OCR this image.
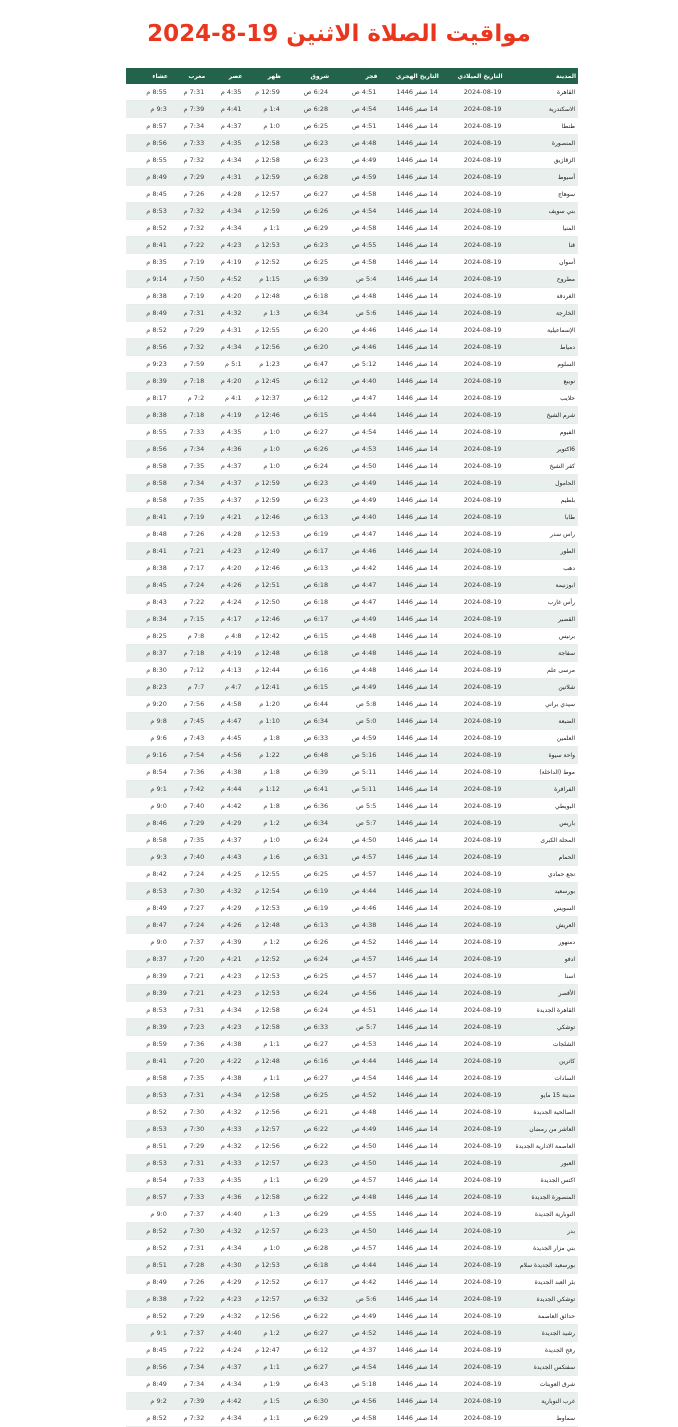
مواقيت الصلاة الاثنين 19-8-2024
المدينة	التاريخ الميلادي	التاريخ الهجري	فجر	شروق	ظهر	عصر	مغرب	عشاء
القاهرة	2024-08-19	14 صفر 1446	4:51 ص	6:24 ص	12:59 م	4:35 م	7:31 م	8:55 م
الاسكندرية	2024-08-19	14 صفر 1446	4:54 ص	6:28 ص	1:4 م	4:41 م	7:39 م	9:3 م
طنطا	2024-08-19	14 صفر 1446	4:51 ص	6:25 ص	1:0 م	4:37 م	7:34 م	8:57 م
المنصورة	2024-08-19	14 صفر 1446	4:48 ص	6:23 ص	12:58 م	4:35 م	7:33 م	8:56 م
الزقازيق	2024-08-19	14 صفر 1446	4:49 ص	6:23 ص	12:58 م	4:34 م	7:32 م	8:55 م
أسيوط	2024-08-19	14 صفر 1446	4:59 ص	6:28 ص	12:59 م	4:31 م	7:29 م	8:49 م
سوهاج	2024-08-19	14 صفر 1446	4:58 ص	6:27 ص	12:57 م	4:28 م	7:26 م	8:45 م
بني سويف	2024-08-19	14 صفر 1446	4:54 ص	6:26 ص	12:59 م	4:34 م	7:32 م	8:53 م
المنيا	2024-08-19	14 صفر 1446	4:58 ص	6:29 ص	1:1 م	4:34 م	7:32 م	8:52 م
قنا	2024-08-19	14 صفر 1446	4:55 ص	6:23 ص	12:53 م	4:23 م	7:22 م	8:41 م
أسوان	2024-08-19	14 صفر 1446	4:58 ص	6:25 ص	12:52 م	4:19 م	7:19 م	8:35 م
مطروح	2024-08-19	14 صفر 1446	5:4 ص	6:39 ص	1:15 م	4:52 م	7:50 م	9:14 م
الغردقة	2024-08-19	14 صفر 1446	4:48 ص	6:18 ص	12:48 م	4:20 م	7:19 م	8:38 م
الخارجة	2024-08-19	14 صفر 1446	5:6 ص	6:34 ص	1:3 م	4:32 م	7:31 م	8:49 م
الإسماعيلية	2024-08-19	14 صفر 1446	4:46 ص	6:20 ص	12:55 م	4:31 م	7:29 م	8:52 م
دمياط	2024-08-19	14 صفر 1446	4:46 ص	6:20 ص	12:56 م	4:34 م	7:32 م	8:56 م
السلوم	2024-08-19	14 صفر 1446	5:12 ص	6:47 ص	1:23 م	5:1 م	7:59 م	9:23 م
نويبع	2024-08-19	14 صفر 1446	4:40 ص	6:12 ص	12:45 م	4:20 م	7:18 م	8:39 م
حلايب	2024-08-19	14 صفر 1446	4:47 ص	6:12 ص	12:37 م	4:1 م	7:2 م	8:17 م
شرم الشيخ	2024-08-19	14 صفر 1446	4:44 ص	6:15 ص	12:46 م	4:19 م	7:18 م	8:38 م
الفيوم	2024-08-19	14 صفر 1446	4:54 ص	6:27 ص	1:0 م	4:35 م	7:33 م	8:55 م
6اكتوبر	2024-08-19	14 صفر 1446	4:53 ص	6:26 ص	1:0 م	4:36 م	7:34 م	8:56 م
كفر الشيخ	2024-08-19	14 صفر 1446	4:50 ص	6:24 ص	1:0 م	4:37 م	7:35 م	8:58 م
الحامول	2024-08-19	14 صفر 1446	4:49 ص	6:23 ص	12:59 م	4:37 م	7:34 م	8:58 م
بلطيم	2024-08-19	14 صفر 1446	4:49 ص	6:23 ص	12:59 م	4:37 م	7:35 م	8:58 م
طابا	2024-08-19	14 صفر 1446	4:40 ص	6:13 ص	12:46 م	4:21 م	7:19 م	8:41 م
راس سدر	2024-08-19	14 صفر 1446	4:47 ص	6:19 ص	12:53 م	4:28 م	7:26 م	8:48 م
الطور	2024-08-19	14 صفر 1446	4:46 ص	6:17 ص	12:49 م	4:23 م	7:21 م	8:41 م
دهب	2024-08-19	14 صفر 1446	4:42 ص	6:13 ص	12:46 م	4:20 م	7:17 م	8:38 م
ابوزنيمة	2024-08-19	14 صفر 1446	4:47 ص	6:18 ص	12:51 م	4:26 م	7:24 م	8:45 م
رأس غارب	2024-08-19	14 صفر 1446	4:47 ص	6:18 ص	12:50 م	4:24 م	7:22 م	8:43 م
القصير	2024-08-19	14 صفر 1446	4:49 ص	6:17 ص	12:46 م	4:17 م	7:15 م	8:34 م
برنيس	2024-08-19	14 صفر 1446	4:48 ص	6:15 ص	12:42 م	4:8 م	7:8 م	8:25 م
سفاجة	2024-08-19	14 صفر 1446	4:48 ص	6:18 ص	12:48 م	4:19 م	7:18 م	8:37 م
مرسى علم	2024-08-19	14 صفر 1446	4:48 ص	6:16 ص	12:44 م	4:13 م	7:12 م	8:30 م
شلاتين	2024-08-19	14 صفر 1446	4:49 ص	6:15 ص	12:41 م	4:7 م	7:7 م	8:23 م
سيدي براني	2024-08-19	14 صفر 1446	5:8 ص	6:44 ص	1:20 م	4:58 م	7:56 م	9:20 م
الضبعة	2024-08-19	14 صفر 1446	5:0 ص	6:34 ص	1:10 م	4:47 م	7:45 م	9:8 م
العلمين	2024-08-19	14 صفر 1446	4:59 ص	6:33 ص	1:8 م	4:45 م	7:43 م	9:6 م
واحة سيوة	2024-08-19	14 صفر 1446	5:16 ص	6:48 ص	1:22 م	4:56 م	7:54 م	9:16 م
موط (الداخلة)	2024-08-19	14 صفر 1446	5:11 ص	6:39 ص	1:8 م	4:38 م	7:36 م	8:54 م
الفرافرة	2024-08-19	14 صفر 1446	5:11 ص	6:41 ص	1:12 م	4:44 م	7:42 م	9:1 م
البويطي	2024-08-19	14 صفر 1446	5:5 ص	6:36 ص	1:8 م	4:42 م	7:40 م	9:0 م
باريس	2024-08-19	14 صفر 1446	5:7 ص	6:34 ص	1:2 م	4:29 م	7:29 م	8:46 م
المحلة الكبرى	2024-08-19	14 صفر 1446	4:50 ص	6:24 ص	1:0 م	4:37 م	7:35 م	8:58 م
الحمام	2024-08-19	14 صفر 1446	4:57 ص	6:31 ص	1:6 م	4:43 م	7:40 م	9:3 م
نجع حمادي	2024-08-19	14 صفر 1446	4:57 ص	6:25 ص	12:55 م	4:25 م	7:24 م	8:42 م
بورسعيد	2024-08-19	14 صفر 1446	4:44 ص	6:19 ص	12:54 م	4:32 م	7:30 م	8:53 م
السويس	2024-08-19	14 صفر 1446	4:46 ص	6:19 ص	12:53 م	4:29 م	7:27 م	8:49 م
العريش	2024-08-19	14 صفر 1446	4:38 ص	6:13 ص	12:48 م	4:26 م	7:24 م	8:47 م
دمنهور	2024-08-19	14 صفر 1446	4:52 ص	6:26 ص	1:2 م	4:39 م	7:37 م	9:0 م
ادفو	2024-08-19	14 صفر 1446	4:57 ص	6:24 ص	12:52 م	4:21 م	7:20 م	8:37 م
اسنا	2024-08-19	14 صفر 1446	4:57 ص	6:25 ص	12:53 م	4:23 م	7:21 م	8:39 م
الأقصر	2024-08-19	14 صفر 1446	4:56 ص	6:24 ص	12:53 م	4:23 م	7:21 م	8:39 م
القاهرة الجديدة	2024-08-19	14 صفر 1446	4:51 ص	6:24 ص	12:58 م	4:34 م	7:31 م	8:53 م
توشكي	2024-08-19	14 صفر 1446	5:7 ص	6:33 ص	12:58 م	4:23 م	7:23 م	8:39 م
الشلجات	2024-08-19	14 صفر 1446	4:53 ص	6:27 ص	1:1 م	4:38 م	7:36 م	8:59 م
كاترين	2024-08-19	14 صفر 1446	4:44 ص	6:16 ص	12:48 م	4:22 م	7:20 م	8:41 م
السادات	2024-08-19	14 صفر 1446	4:54 ص	6:27 ص	1:1 م	4:38 م	7:35 م	8:58 م
مدينة 15 مايو	2024-08-19	14 صفر 1446	4:52 ص	6:25 ص	12:58 م	4:34 م	7:31 م	8:53 م
الصالحية الجديدة	2024-08-19	14 صفر 1446	4:48 ص	6:21 ص	12:56 م	4:32 م	7:30 م	8:52 م
العاشر من رمضان	2024-08-19	14 صفر 1446	4:49 ص	6:22 ص	12:57 م	4:33 م	7:30 م	8:53 م
العاصمة الادارية الجديدة	2024-08-19	14 صفر 1446	4:50 ص	6:22 ص	12:56 م	4:32 م	7:29 م	8:51 م
العبور	2024-08-19	14 صفر 1446	4:50 ص	6:23 ص	12:57 م	4:33 م	7:31 م	8:53 م
اكتس الجديدة	2024-08-19	14 صفر 1446	4:57 ص	6:29 ص	1:1 م	4:35 م	7:33 م	8:54 م
المنصورة الجديدة	2024-08-19	14 صفر 1446	4:48 ص	6:22 ص	12:58 م	4:36 م	7:33 م	8:57 م
النوبارية الجديدة	2024-08-19	14 صفر 1446	4:55 ص	6:29 ص	1:3 م	4:40 م	7:37 م	9:0 م
بدر	2024-08-19	14 صفر 1446	4:50 ص	6:23 ص	12:57 م	4:32 م	7:30 م	8:52 م
بني مزار الجديدة	2024-08-19	14 صفر 1446	4:57 ص	6:28 ص	1:0 م	4:34 م	7:31 م	8:52 م
بورسعيد الجديدة سلام	2024-08-19	14 صفر 1446	4:44 ص	6:18 ص	12:53 م	4:30 م	7:28 م	8:51 م
بئر العبد الجديدة	2024-08-19	14 صفر 1446	4:42 ص	6:17 ص	12:52 م	4:29 م	7:26 م	8:49 م
توشكي الجديدة	2024-08-19	14 صفر 1446	5:6 ص	6:32 ص	12:57 م	4:23 م	7:22 م	8:38 م
حدائق العاصمة	2024-08-19	14 صفر 1446	4:49 ص	6:22 ص	12:56 م	4:32 م	7:29 م	8:52 م
رشيد الجديدة	2024-08-19	14 صفر 1446	4:52 ص	6:27 ص	1:2 م	4:40 م	7:37 م	9:1 م
رفح الجديدة	2024-08-19	14 صفر 1446	4:37 ص	6:12 ص	12:47 م	4:24 م	7:22 م	8:45 م
سفنكس الجديدة	2024-08-19	14 صفر 1446	4:54 ص	6:27 ص	1:1 م	4:37 م	7:34 م	8:56 م
شرق العوينات	2024-08-19	14 صفر 1446	5:18 ص	6:43 ص	1:9 م	4:34 م	7:34 م	8:49 م
غرب النوبارية	2024-08-19	14 صفر 1446	4:56 ص	6:30 ص	1:5 م	4:42 م	7:39 م	9:2 م
سماوط	2024-08-19	14 صفر 1446	4:58 ص	6:29 ص	1:1 م	4:34 م	7:32 م	8:52 م
